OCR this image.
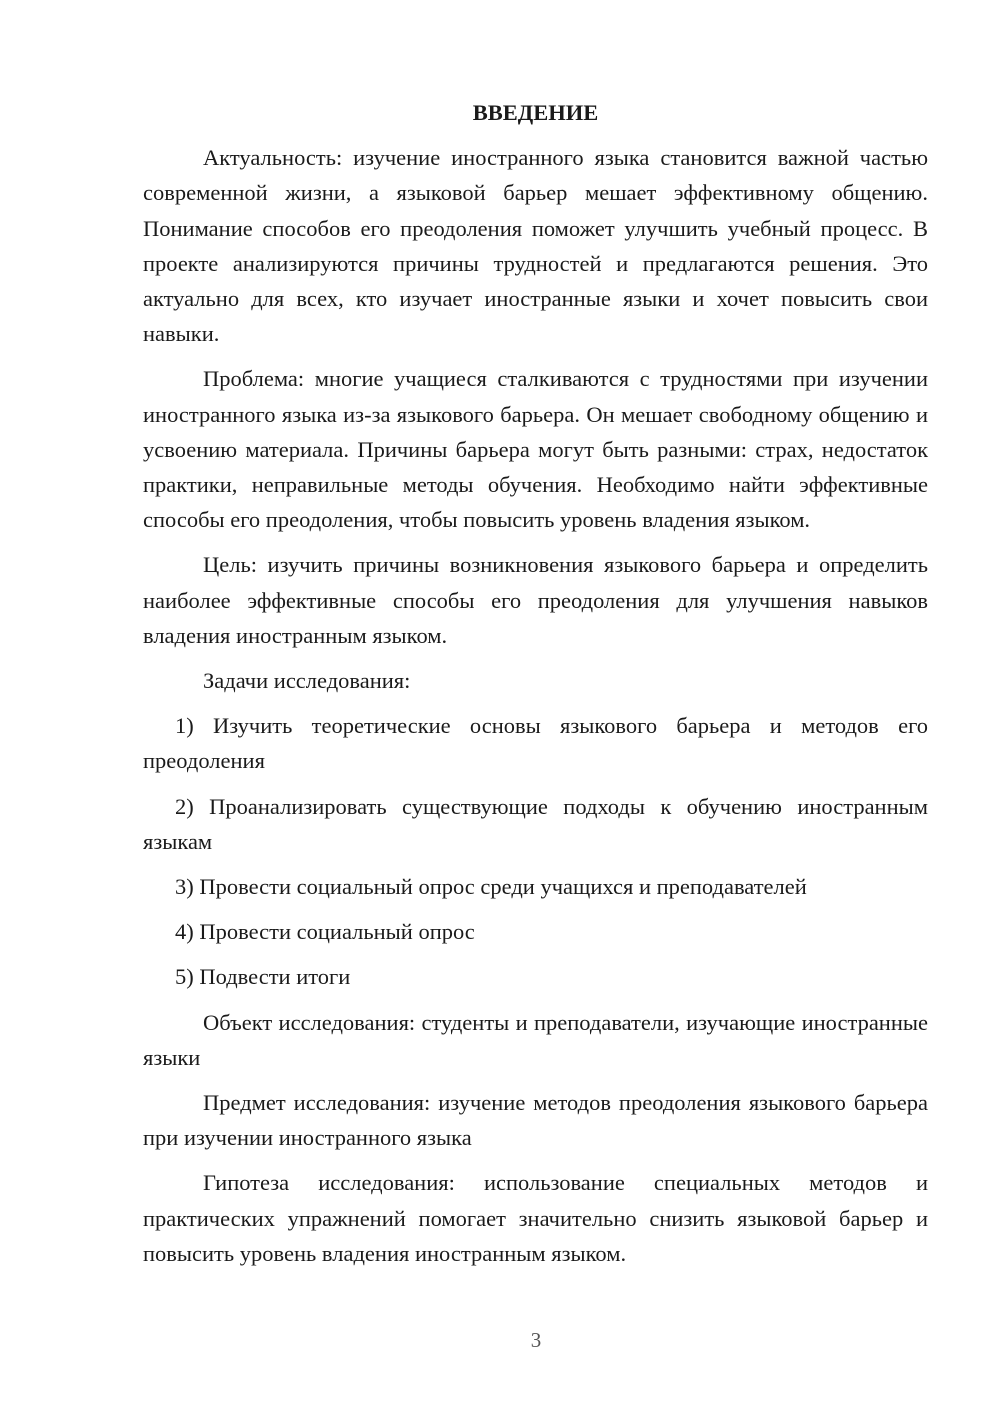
ВВЕДЕНИЕ

Актуальность: изучение иностранного языка становится важной частью современной жизни, а языковой барьер мешает эффективному общению. Понимание способов его преодоления поможет улучшить учебный процесс. В проекте анализируются причины трудностей и предлагаются решения. Это актуально для всех, кто изучает иностранные языки и хочет повысить свои навыки.

Проблема: многие учащиеся сталкиваются с трудностями при изучении иностранного языка из-за языкового барьера. Он мешает свободному общению и усвоению материала. Причины барьера могут быть разными: страх, недостаток практики, неправильные методы обучения. Необходимо найти эффективные способы его преодоления, чтобы повысить уровень владения языком.

Цель: изучить причины возникновения языкового барьера и определить наиболее эффективные способы его преодоления для улучшения навыков владения иностранным языком.

Задачи исследования:

1) Изучить теоретические основы языкового барьера и методов его преодоления

2) Проанализировать существующие подходы к обучению иностранным языкам

3) Провести социальный опрос среди учащихся и преподавателей

4) Провести социальный опрос

5) Подвести итоги

Объект исследования: студенты и преподаватели, изучающие иностранные языки

Предмет исследования: изучение методов преодоления языкового барьера при изучении иностранного языка

Гипотеза исследования: использование специальных методов и практических упражнений помогает значительно снизить языковой барьер и повысить уровень владения иностранным языком.

3
